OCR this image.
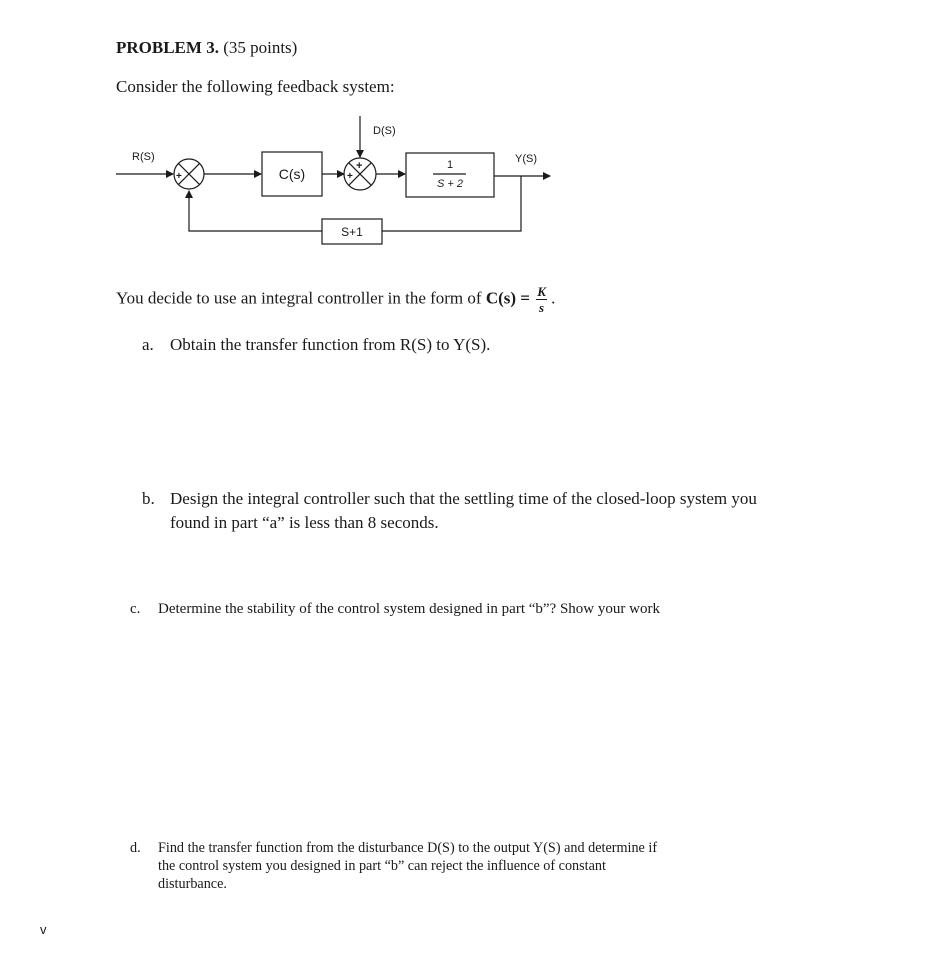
PROBLEM 3. (35 points)
Consider the following feedback system:
R(S)	Y(S)
D(S)
C(s)
1
S + 2
S+1
+
-
+
+
You decide to use an integral controller in the form of $C(s) = \frac{K}{s}$ .
a. Obtain the transfer function from R(S) to Y(S).
b. Design the integral controller such that the settling time of the closed-loop system you
found in part “a” is less than 8 seconds.
c. Determine the stability of the control system designed in part “b”? Show your work
d. Find the transfer function from the disturbance D(S) to the output Y(S) and determine if
the control system you designed in part “b” can reject the influence of constant
disturbance.
v
